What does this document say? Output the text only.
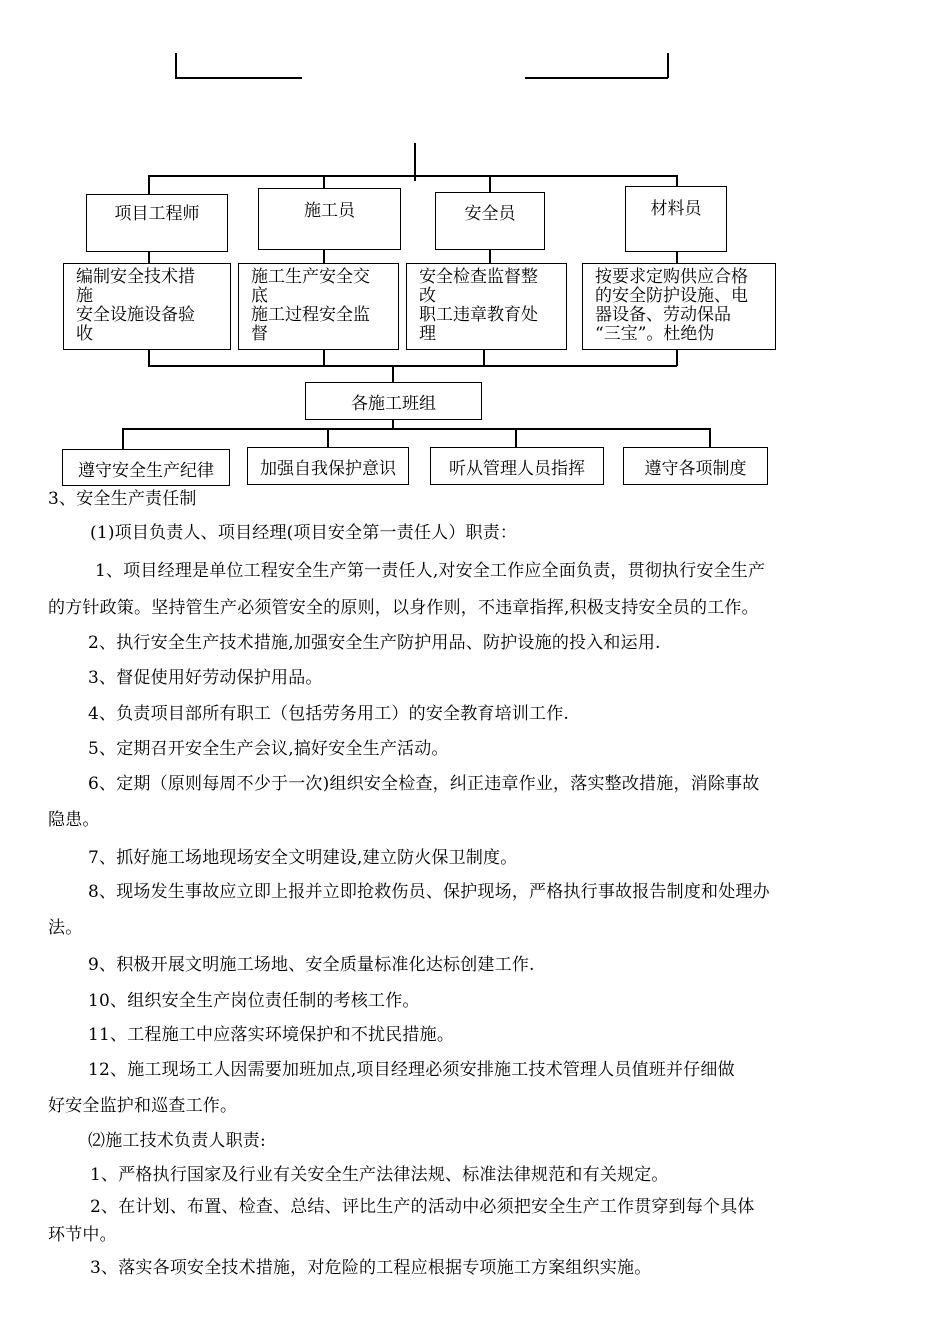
项目工程师	施工员	安全员	材料员
编制安全技术措
施
安全设施设备验
收
施工生产安全交
底
施工过程安全监
督
安全检查监督整
改
职工违章教育处
理
按要求定购供应合格
的安全防护设施、电
器设备、劳动保品
“三宝”。杜绝伪
各施工班组
遵守安全生产纪律	加强自我保护意识	听从管理人员指挥	遵守各项制度
3、安全生产责任制
(1)项目负责人、项目经理(项目安全第一责任人）职责：
1、项目经理是单位工程安全生产第一责任人,对安全工作应全面负责，贯彻执行安全生产
的方针政策。坚持管生产必须管安全的原则，以身作则，不违章指挥,积极支持安全员的工作。
2、执行安全生产技术措施,加强安全生产防护用品、防护设施的投入和运用.
3、督促使用好劳动保护用品。
4、负责项目部所有职工（包括劳务用工）的安全教育培训工作.
5、定期召开安全生产会议,搞好安全生产活动。
6、定期（原则每周不少于一次)组织安全检查，纠正违章作业，落实整改措施，消除事故
隐患。
7、抓好施工场地现场安全文明建设,建立防火保卫制度。
8、现场发生事故应立即上报并立即抢救伤员、保护现场，严格执行事故报告制度和处理办
法。
9、积极开展文明施工场地、安全质量标准化达标创建工作.
10、组织安全生产岗位责任制的考核工作。
11、工程施工中应落实环境保护和不扰民措施。
12、施工现场工人因需要加班加点,项目经理必须安排施工技术管理人员值班并仔细做
好安全监护和巡查工作。
⑵施工技术负责人职责:
1、严格执行国家及行业有关安全生产法律法规、标准法律规范和有关规定。
2、在计划、布置、检查、总结、评比生产的活动中必须把安全生产工作贯穿到每个具体
环节中。
3、落实各项安全技术措施，对危险的工程应根据专项施工方案组织实施。
